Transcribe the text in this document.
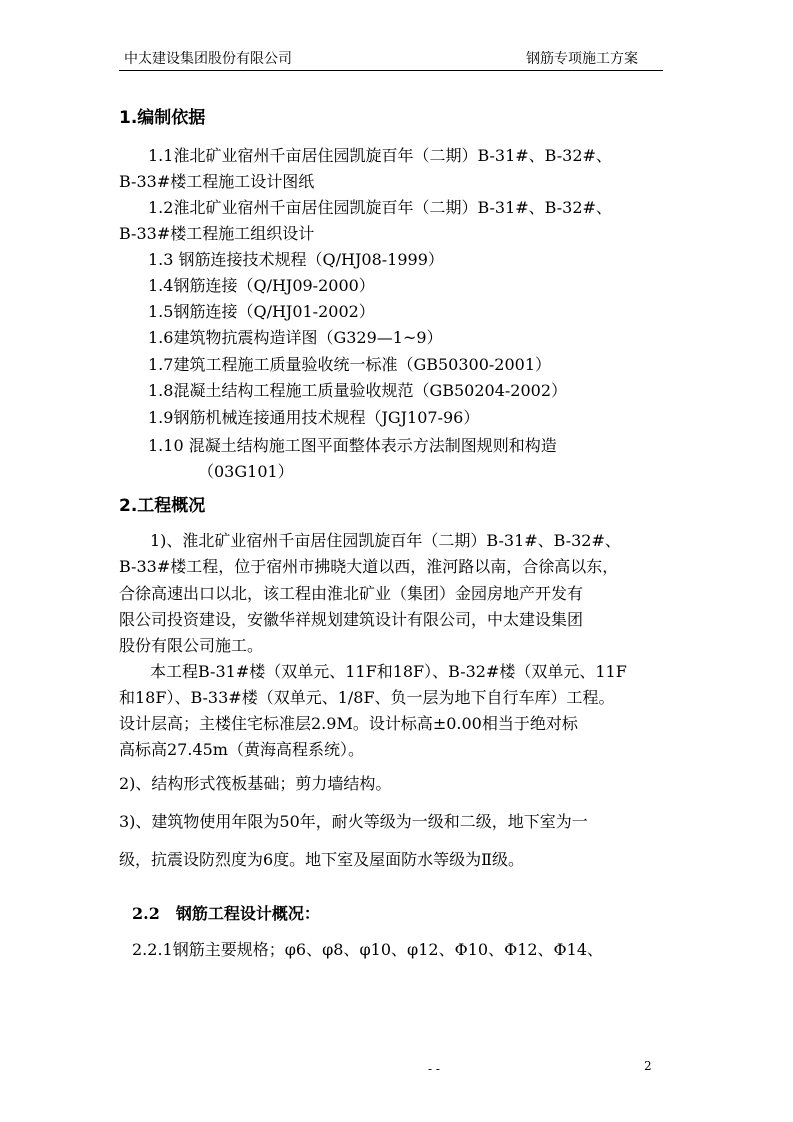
中太建设集团股份有限公司	钢筋专项施工方案
1.编制依据
1.1淮北矿业宿州千亩居住园凯旋百年（二期）B-31#、B-32#、
B-33#楼工程施工设计图纸
1.2淮北矿业宿州千亩居住园凯旋百年（二期）B-31#、B-32#、
B-33#楼工程施工组织设计
1.3 钢筋连接技术规程（Q/HJ08-1999）
1.4钢筋连接（Q/HJ09-2000）
1.5钢筋连接（Q/HJ01-2002）
1.6建筑物抗震构造详图（G329—1~9）
1.7建筑工程施工质量验收统一标准（GB50300-2001）
1.8混凝土结构工程施工质量验收规范（GB50204-2002）
1.9钢筋机械连接通用技术规程（JGJ107-96）
1.10 混凝土结构施工图平面整体表示方法制图规则和构造
（03G101）
2.工程概况
1)、淮北矿业宿州千亩居住园凯旋百年（二期）B-31#、B-32#、
B-33#楼工程，位于宿州市拂晓大道以西，淮河路以南，合徐高以东，
合徐高速出口以北，该工程由淮北矿业（集团）金园房地产开发有
限公司投资建设，安徽华祥规划建筑设计有限公司，中太建设集团
股份有限公司施工。
本工程B-31#楼（双单元、11F和18F）、B-32#楼（双单元、11F
和18F）、B-33#楼（双单元、1/8F、负一层为地下自行车库）工程。
设计层高；主楼住宅标准层2.9M。设计标高±0.00相当于绝对标
高标高27.45m（黄海高程系统）。
2)、结构形式筏板基础；剪力墙结构。
3)、建筑物使用年限为50年，耐火等级为一级和二级，地下室为一
级，抗震设防烈度为6度。地下室及屋面防水等级为Ⅱ级。
2.2　钢筋工程设计概况：
2.2.1钢筋主要规格；φ6、φ8、φ10、φ12、Φ10、Φ12、Φ14、
- -	2
